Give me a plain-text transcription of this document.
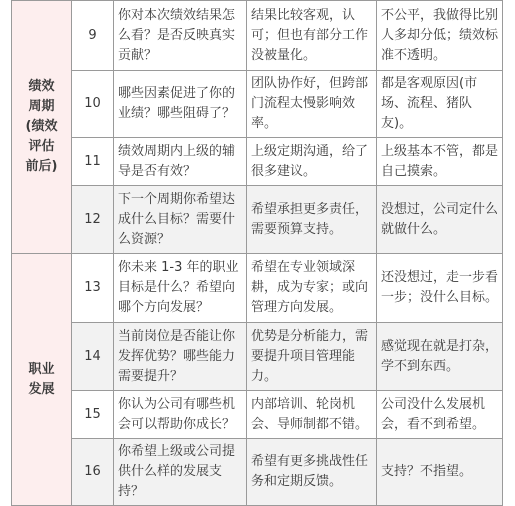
绩效
周期
(绩效
评估
前后)	9	你对本次绩效结果怎么看？是否反映真实贡献？	结果比较客观，认可；但也有部分工作没被量化。	不公平，我做得比别人多却分低；绩效标准不透明。
	10	哪些因素促进了你的业绩？哪些阻碍了？	团队协作好，但跨部门流程太慢影响效率。	都是客观原因(市场、流程、猪队友)。
	11	绩效周期内上级的辅导是否有效？	上级定期沟通，给了很多建议。	上级基本不管，都是自己摸索。
	12	下一个周期你希望达成什么目标？需要什么资源？	希望承担更多责任，需要预算支持。	没想过，公司定什么就做什么。

职业
发展	13	你未来 1-3 年的职业目标是什么？希望向哪个方向发展？	希望在专业领域深耕，成为专家；或向管理方向发展。	还没想过，走一步看一步；没什么目标。
	14	当前岗位是否能让你发挥优势？哪些能力需要提升？	优势是分析能力，需要提升项目管理能力。	感觉现在就是打杂，学不到东西。
	15	你认为公司有哪些机会可以帮助你成长？	内部培训、轮岗机会、导师制都不错。	公司没什么发展机会，看不到希望。
	16	你希望上级或公司提供什么样的发展支持？	希望有更多挑战性任务和定期反馈。	支持？不指望。
